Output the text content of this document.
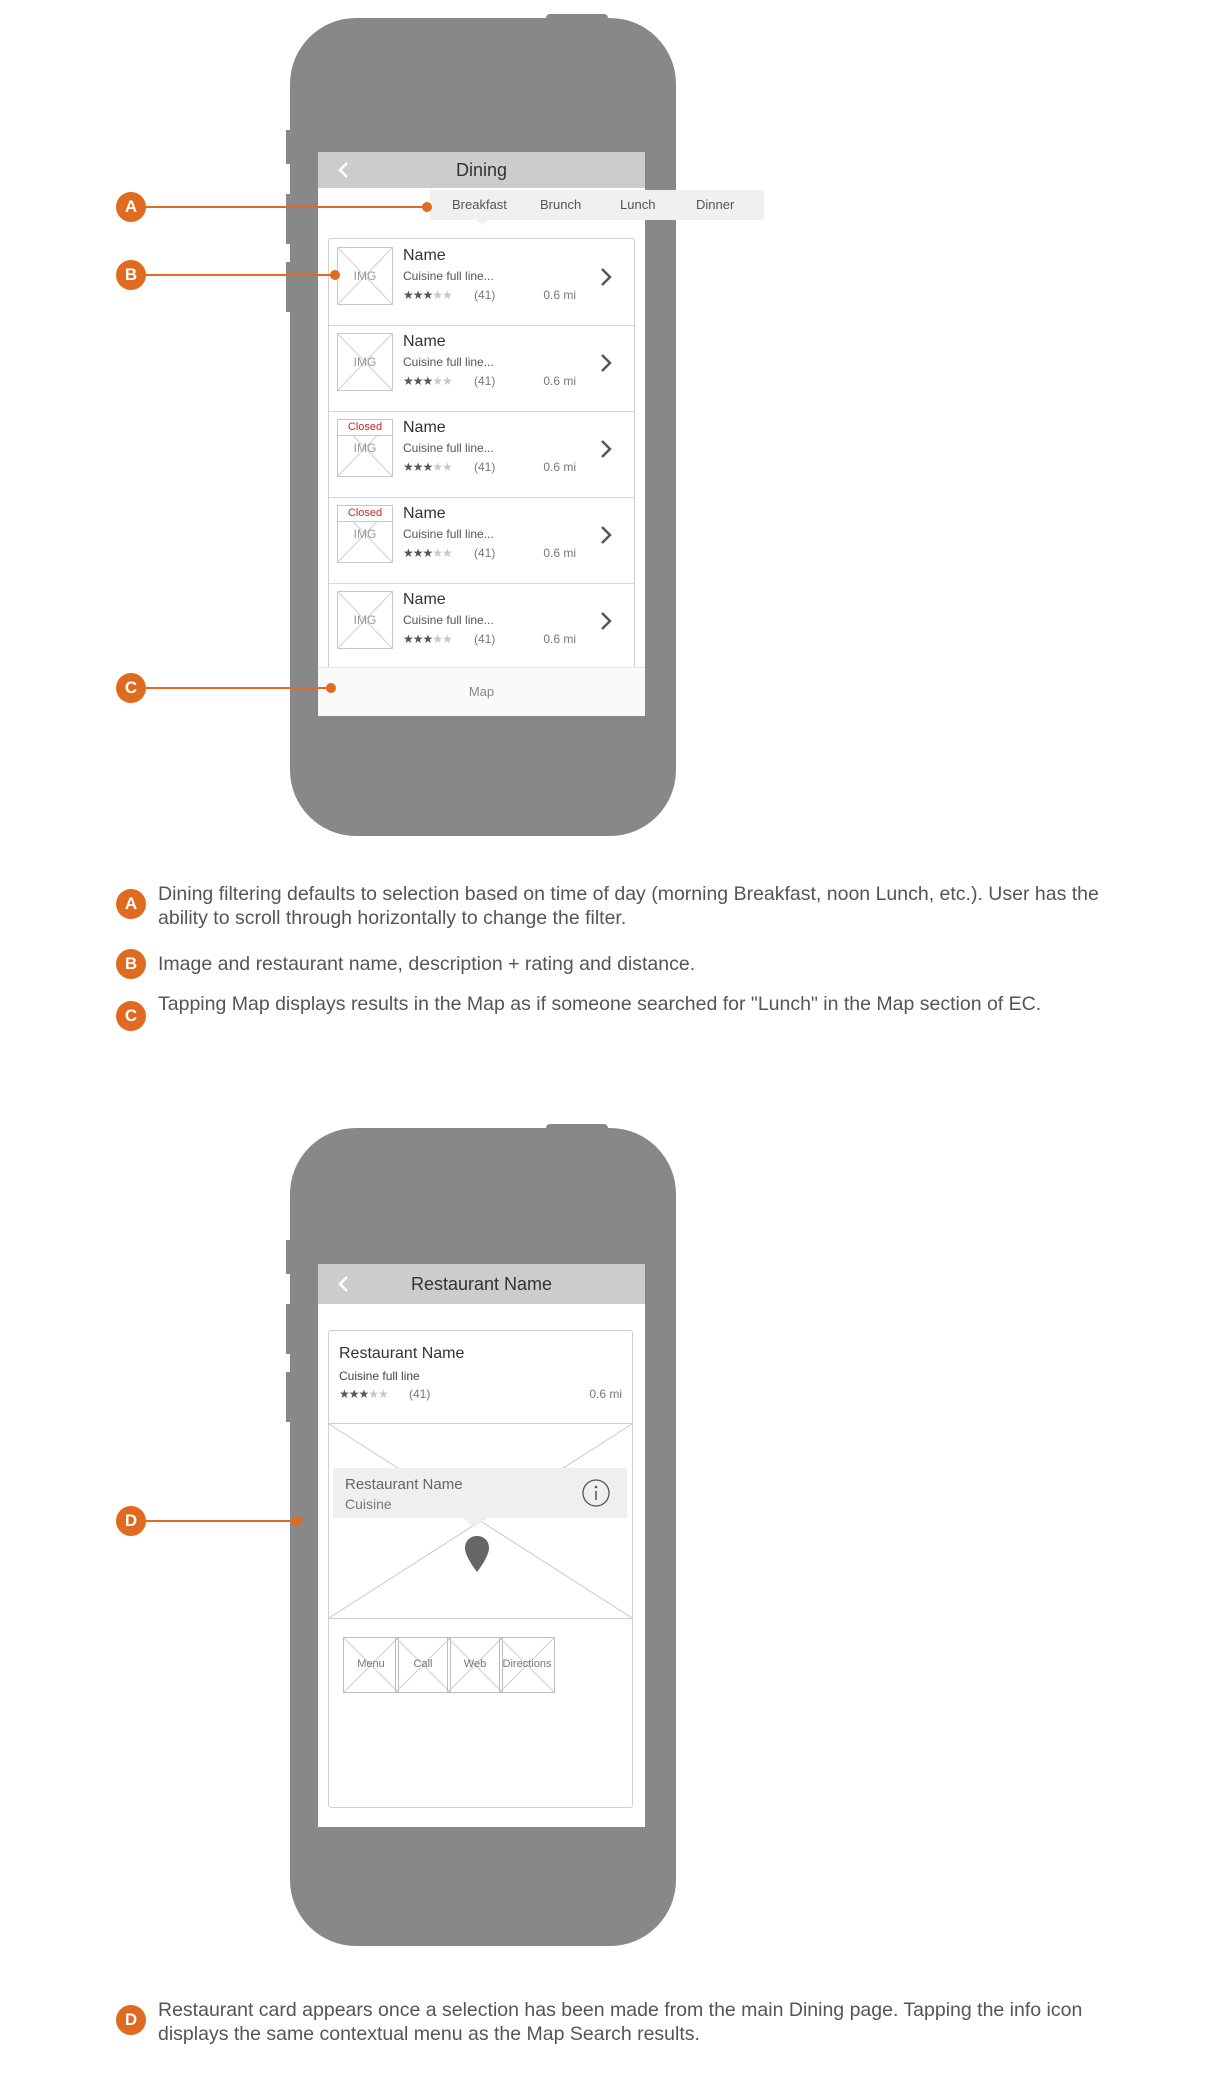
Dining
IMG
Name
Cuisine full line...
★★★★★ (41)	0.6 mi
IMG
Name
Cuisine full line...
★★★★★ (41)	0.6 mi
IMG
Closed	Name
Cuisine full line...
★★★★★ (41)	0.6 mi
IMG
Closed	Name
Cuisine full line...
★★★★★ (41)	0.6 mi
IMG
Name
Cuisine full line...
★★★★★ (41)	0.6 mi
Map
Breakfast	Brunch	Lunch	Dinner
A
B
C
A	Dining filtering defaults to selection based on time of day (morning Breakfast, noon Lunch, etc.). User has the ability to scroll through horizontally to change the filter.
B	Image and restaurant name, description + rating and distance.
C
Tapping Map displays results in the Map as if someone searched for "Lunch" in the Map section of EC.
Restaurant Name
Restaurant Name
Cuisine full line
★★★★★ (41)	0.6 mi
Restaurant Name
Cuisine
Menu	Call	Web	Directions
D
D	Restaurant card appears once a selection has been made from the main Dining page. Tapping the info icon displays the same contextual menu as the Map Search results.
